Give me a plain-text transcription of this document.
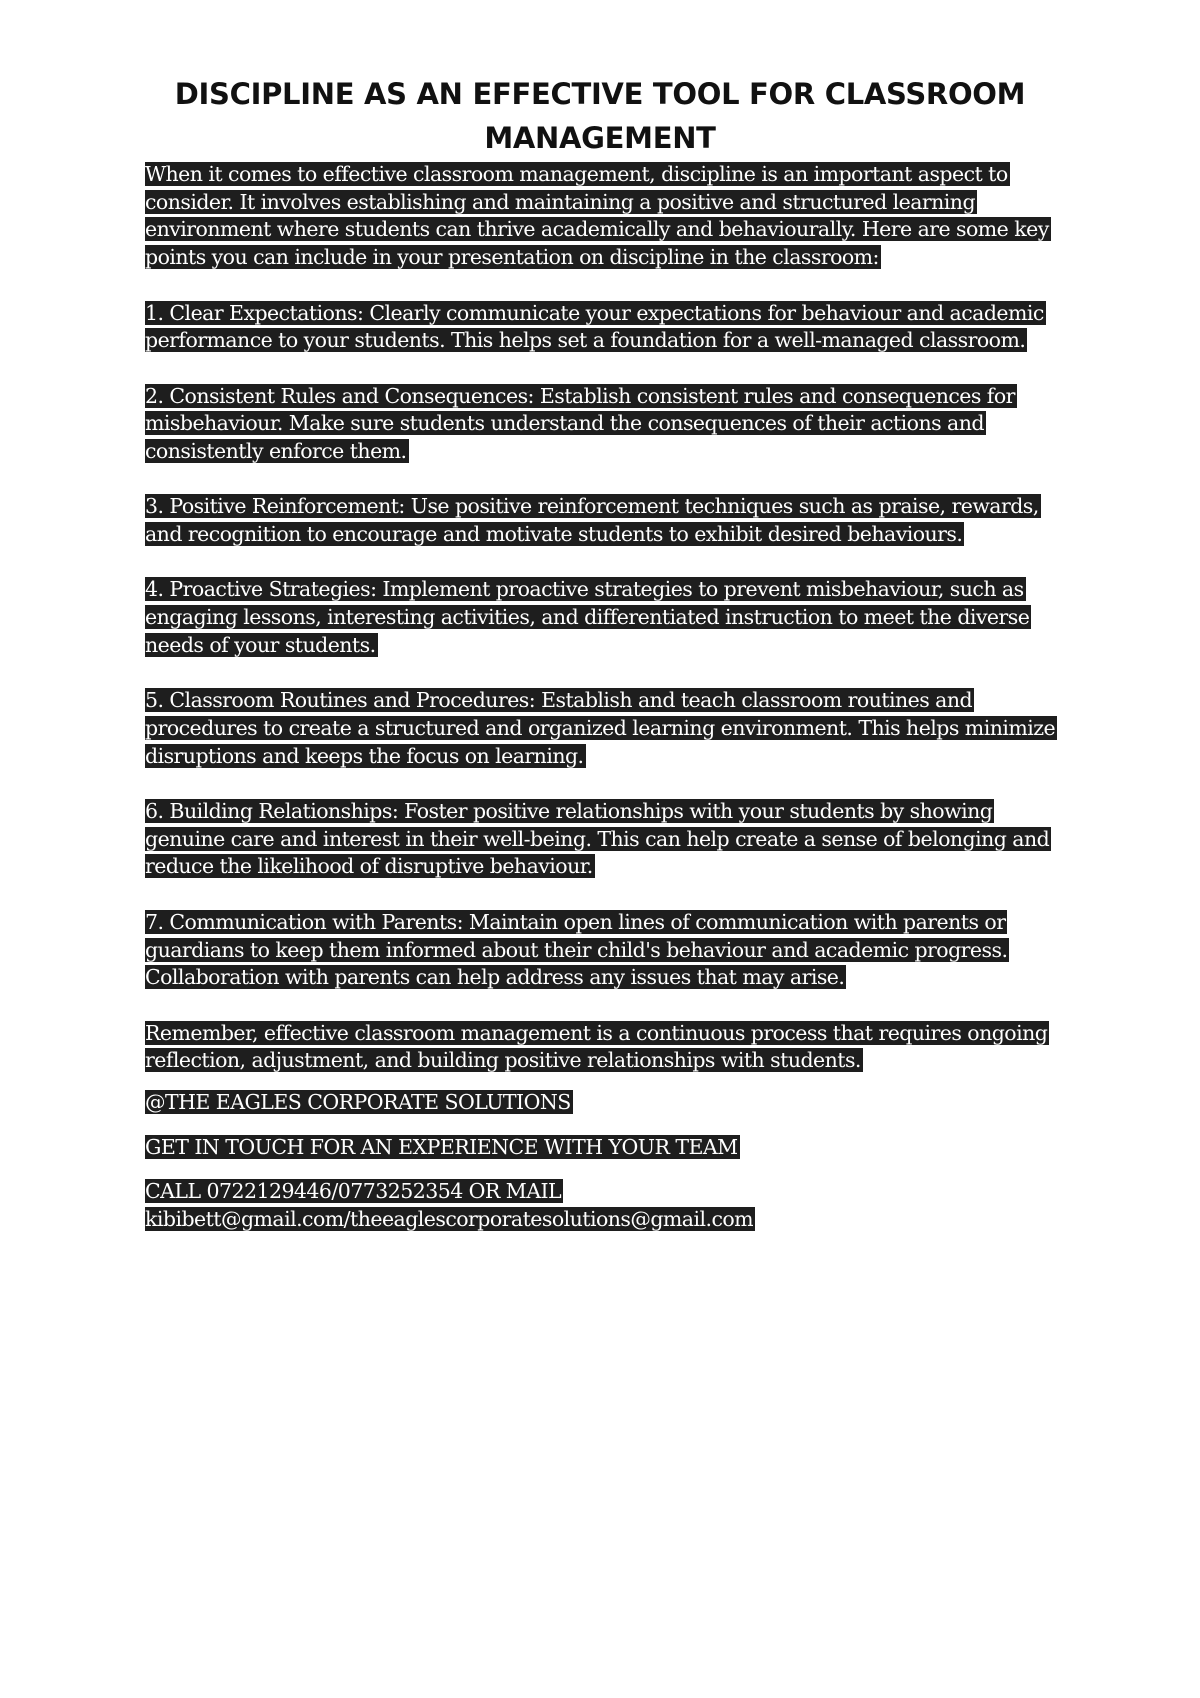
DISCIPLINE AS AN EFFECTIVE TOOL FOR CLASSROOM MANAGEMENT

When it comes to effective classroom management, discipline is an important aspect to consider. It involves establishing and maintaining a positive and structured learning environment where students can thrive academically and behaviourally. Here are some key points you can include in your presentation on discipline in the classroom:

1. Clear Expectations: Clearly communicate your expectations for behaviour and academic performance to your students. This helps set a foundation for a well-managed classroom.

2. Consistent Rules and Consequences: Establish consistent rules and consequences for misbehaviour. Make sure students understand the consequences of their actions and consistently enforce them.

3. Positive Reinforcement: Use positive reinforcement techniques such as praise, rewards, and recognition to encourage and motivate students to exhibit desired behaviours.

4. Proactive Strategies: Implement proactive strategies to prevent misbehaviour, such as engaging lessons, interesting activities, and differentiated instruction to meet the diverse needs of your students.

5. Classroom Routines and Procedures: Establish and teach classroom routines and procedures to create a structured and organized learning environment. This helps minimize disruptions and keeps the focus on learning.

6. Building Relationships: Foster positive relationships with your students by showing genuine care and interest in their well-being. This can help create a sense of belonging and reduce the likelihood of disruptive behaviour.

7. Communication with Parents: Maintain open lines of communication with parents or guardians to keep them informed about their child's behaviour and academic progress. Collaboration with parents can help address any issues that may arise.

Remember, effective classroom management is a continuous process that requires ongoing reflection, adjustment, and building positive relationships with students.

@THE EAGLES CORPORATE SOLUTIONS

GET IN TOUCH FOR AN EXPERIENCE WITH YOUR TEAM

CALL 0722129446/0773252354 OR MAIL
kibibett@gmail.com/theeaglescorporatesolutions@gmail.com
